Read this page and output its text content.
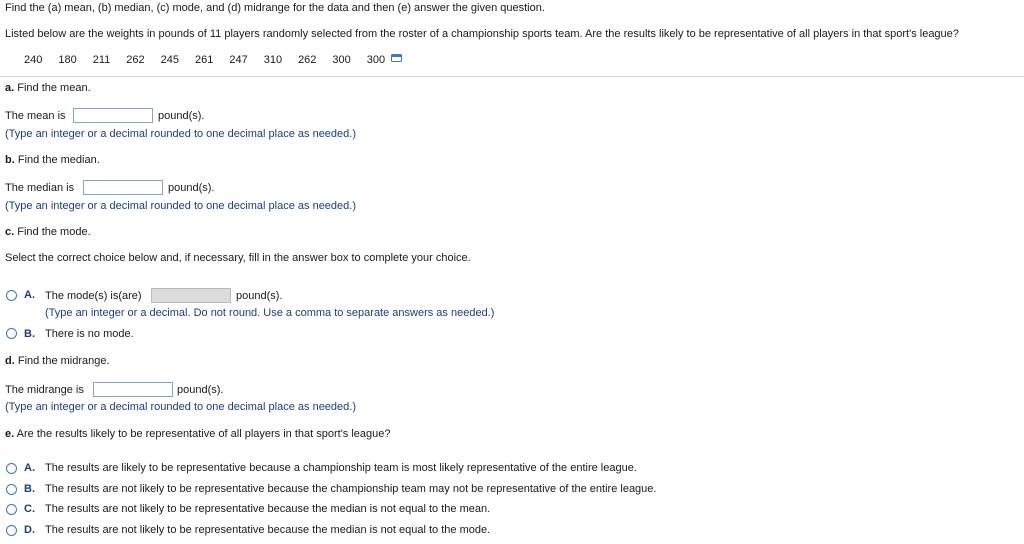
Find the (a) mean, (b) median, (c) mode, and (d) midrange for the data and then (e) answer the given question.
Listed below are the weights in pounds of 11 players randomly selected from the roster of a championship sports team. Are the results likely to be representative of all players in that sport's league?
240 180 211 262 245 261 247 310 262 300 300
a. Find the mean.
The mean is	pound(s).
(Type an integer or a decimal rounded to one decimal place as needed.)
b. Find the median.
The median is	pound(s).
(Type an integer or a decimal rounded to one decimal place as needed.)
c. Find the mode.
Select the correct choice below and, if necessary, fill in the answer box to complete your choice.
A. The mode(s) is(are)	pound(s).
(Type an integer or a decimal. Do not round. Use a comma to separate answers as needed.)
B. There is no mode.
d. Find the midrange.
The midrange is	pound(s).
(Type an integer or a decimal rounded to one decimal place as needed.)
e. Are the results likely to be representative of all players in that sport's league?
A. The results are likely to be representative because a championship team is most likely representative of the entire league.
B. The results are not likely to be representative because the championship team may not be representative of the entire league.
C. The results are not likely to be representative because the median is not equal to the mean.
D. The results are not likely to be representative because the median is not equal to the mode.
